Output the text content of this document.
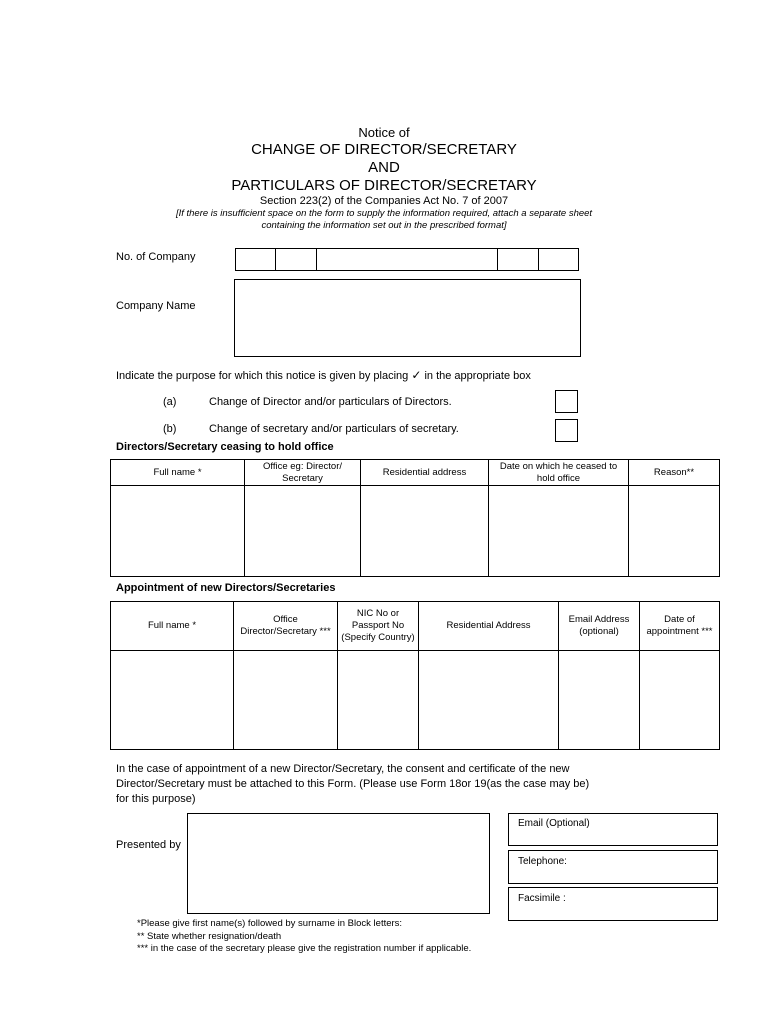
Notice of
CHANGE OF DIRECTOR/SECRETARY
AND
PARTICULARS OF DIRECTOR/SECRETARY
Section 223(2) of the Companies Act No. 7 of 2007
[If there is insufficient space on the form to supply the information required, attach a separate sheet
containing the information set out in the prescribed format]
No. of Company
Company Name
Indicate the purpose for which this notice is given by placing ✓ in the appropriate box
(a)	Change of Director and/or particulars of Directors.
(b)	Change of secretary and/or particulars of secretary.
Directors/Secretary ceasing to hold office
Full name *	Office eg: Director/ Secretary	Residential address	Date on which he ceased to hold office	Reason**

Appointment of new Directors/Secretaries
Full name *	Office Director/Secretary ***	NIC No or Passport No (Specify Country)	Residential Address	Email Address (optional)	Date of appointment ***

In the case of appointment of a new Director/Secretary, the consent and certificate of the new
Director/Secretary must be attached to this Form. (Please use Form 18or 19(as the case may be)
for this purpose)
Presented by
Email (Optional)
Telephone:
Facsimile :
*Please give first name(s) followed by surname in Block letters:
** State whether resignation/death
*** in the case of the secretary please give the registration number if applicable.
